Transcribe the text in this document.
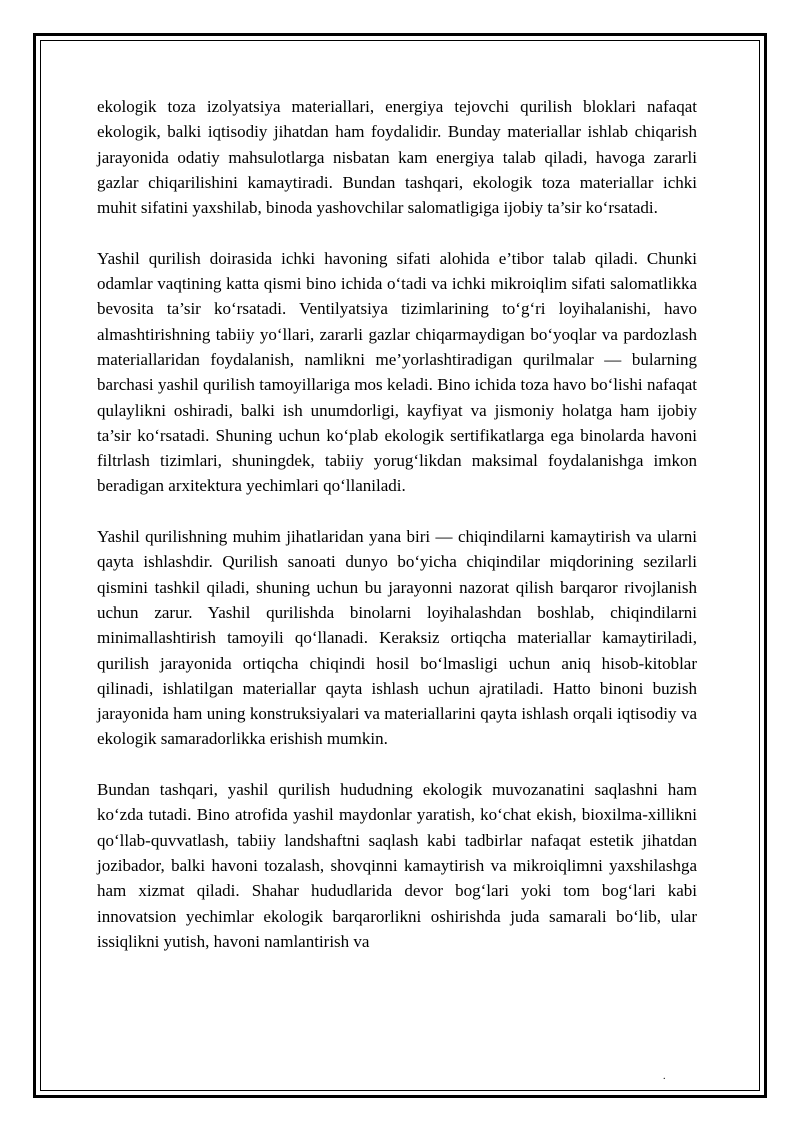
ekologik toza izolyatsiya materiallari, energiya tejovchi qurilish bloklari nafaqat ekologik, balki iqtisodiy jihatdan ham foydalidir. Bunday materiallar ishlab chiqarish jarayonida odatiy mahsulotlarga nisbatan kam energiya talab qiladi, havoga zararli gazlar chiqarilishini kamaytiradi. Bundan tashqari, ekologik toza materiallar ichki muhit sifatini yaxshilab, binoda yashovchilar salomatligiga ijobiy ta’sir ko‘rsatadi.

Yashil qurilish doirasida ichki havoning sifati alohida e’tibor talab qiladi. Chunki odamlar vaqtining katta qismi bino ichida o‘tadi va ichki mikroiqlim sifati salomatlikka bevosita ta’sir ko‘rsatadi. Ventilyatsiya tizimlarining to‘g‘ri loyihalanishi, havo almashtirishning tabiiy yo‘llari, zararli gazlar chiqarmaydigan bo‘yoqlar va pardozlash materiallaridan foydalanish, namlikni me’yorlashtiradigan qurilmalar — bularning barchasi yashil qurilish tamoyillariga mos keladi. Bino ichida toza havo bo‘lishi nafaqat qulaylikni oshiradi, balki ish unumdorligi, kayfiyat va jismoniy holatga ham ijobiy ta’sir ko‘rsatadi. Shuning uchun ko‘plab ekologik sertifikatlarga ega binolarda havoni filtrlash tizimlari, shuningdek, tabiiy yorug‘likdan maksimal foydalanishga imkon beradigan arxitektura yechimlari qo‘llaniladi.

Yashil qurilishning muhim jihatlaridan yana biri — chiqindilarni kamaytirish va ularni qayta ishlashdir. Qurilish sanoati dunyo bo‘yicha chiqindilar miqdorining sezilarli qismini tashkil qiladi, shuning uchun bu jarayonni nazorat qilish barqaror rivojlanish uchun zarur. Yashil qurilishda binolarni loyihalashdan boshlab, chiqindilarni minimallashtirish tamoyili qo‘llanadi. Keraksiz ortiqcha materiallar kamaytiriladi, qurilish jarayonida ortiqcha chiqindi hosil bo‘lmasligi uchun aniq hisob-kitoblar qilinadi, ishlatilgan materiallar qayta ishlash uchun ajratiladi. Hatto binoni buzish jarayonida ham uning konstruksiyalari va materiallarini qayta ishlash orqali iqtisodiy va ekologik samaradorlikka erishish mumkin.

Bundan tashqari, yashil qurilish hududning ekologik muvozanatini saqlashni ham ko‘zda tutadi. Bino atrofida yashil maydonlar yaratish, ko‘chat ekish, bioxilma-xillikni qo‘llab-quvvatlash, tabiiy landshaftni saqlash kabi tadbirlar nafaqat estetik jihatdan jozibador, balki havoni tozalash, shovqinni kamaytirish va mikroiqlimni yaxshilashga ham xizmat qiladi. Shahar hududlarida devor bog‘lari yoki tom bog‘lari kabi innovatsion yechimlar ekologik barqarorlikni oshirishda juda samarali bo‘lib, ular issiqlikni yutish, havoni namlantirish va

.
